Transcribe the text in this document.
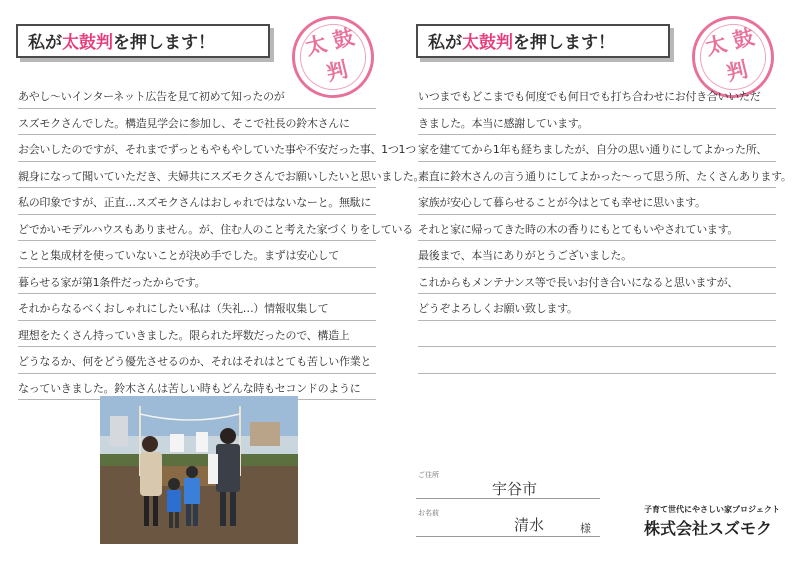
私が太鼓判を押します！	太 鼓
判
あやし～いインターネット広告を見て初めて知ったのが
スズモクさんでした。構造見学会に参加し、そこで社長の鈴木さんに
お会いしたのですが、それまでずっともやもやしていた事や不安だった事、1つ1つ
親身になって聞いていただき、夫婦共にスズモクさんでお願いしたいと思いました。
私の印象ですが、正直…スズモクさんはおしゃれではないなーと。無駄に
どでかいモデルハウスもありません。が、住む人のこと考えた家づくりをしている
ことと集成材を使っていないことが決め手でした。まずは安心して
暮らせる家が第1条件だったからです。
それからなるべくおしゃれにしたい私は（失礼…）情報収集して
理想をたくさん持っていきました。限られた坪数だったので、構造上
どうなるか、何をどう優先させるのか、それはそれはとても苦しい作業と
なっていきました。鈴木さんは苦しい時もどんな時もセコンドのように
私が太鼓判を押します！	太 鼓
判
いつまでもどこまでも何度でも何日でも打ち合わせにお付き合いいただ
きました。本当に感謝しています。
家を建ててから1年も経ちましたが、自分の思い通りにしてよかった所、
素直に鈴木さんの言う通りにしてよかった～って思う所、たくさんあります。
家族が安心して暮らせることが今はとても幸せに思います。
それと家に帰ってきた時の木の香りにもとてもいやされています。
最後まで、本当にありがとうございました。
これからもメンテナンス等で長いお付き合いになると思いますが、
どうぞよろしくお願い致します。
ご住所
宇谷市
お名前
清水	様
子育て世代にやさしい家プロジェクト
株式会社スズモク
